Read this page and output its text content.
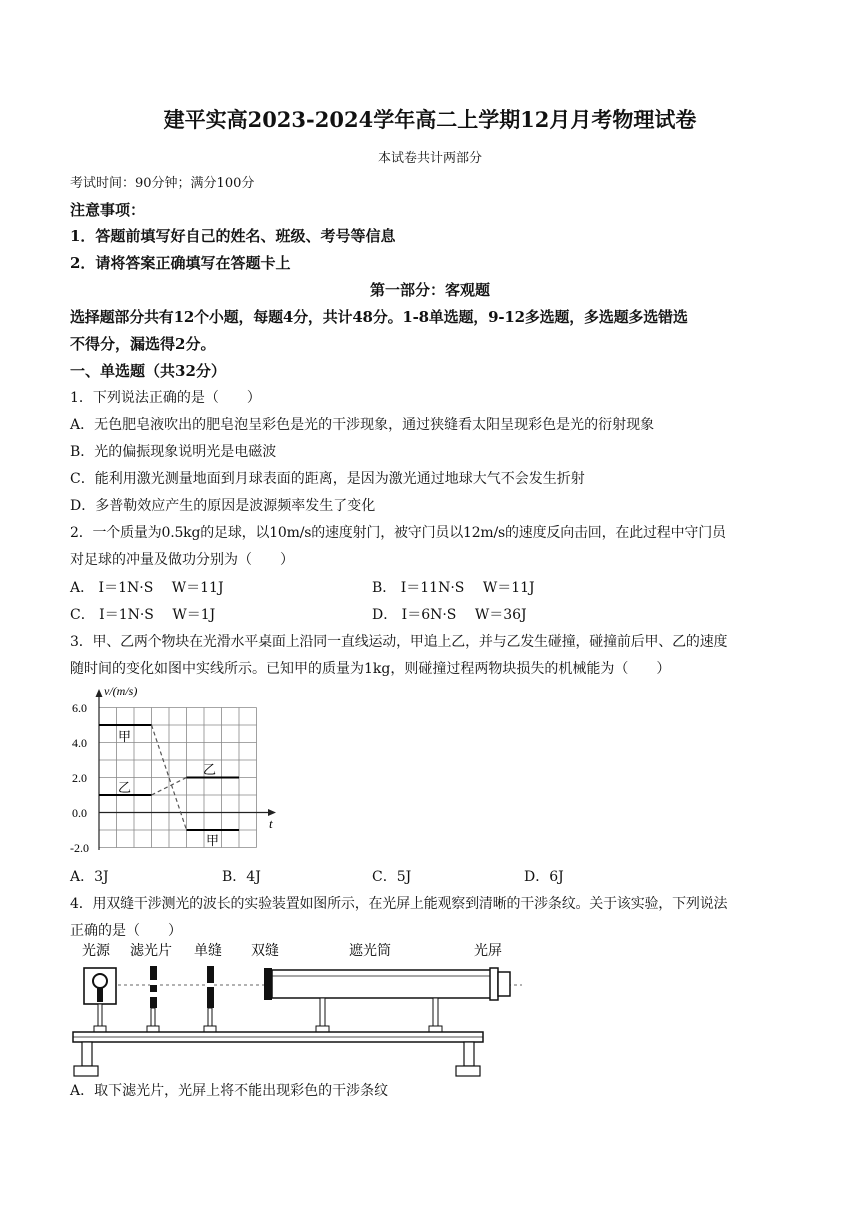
建平实高2023-2024学年高二上学期12月月考物理试卷
本试卷共计两部分
考试时间：90分钟；满分100分
注意事项：
1．答题前填写好自己的姓名、班级、考号等信息
2．请将答案正确填写在答题卡上
第一部分：客观题
选择题部分共有12个小题，每题4分，共计48分。1-8单选题，9-12多选题，多选题多选错选
不得分，漏选得2分。
一、单选题（共32分）
1．下列说法正确的是（　　）
A．无色肥皂液吹出的肥皂泡呈彩色是光的干涉现象，通过狭缝看太阳呈现彩色是光的衍射现象
B．光的偏振现象说明光是电磁波
C．能利用激光测量地面到月球表面的距离，是因为激光通过地球大气不会发生折射
D．多普勒效应产生的原因是波源频率发生了变化
2．一个质量为0.5kg的足球，以10m/s的速度射门，被守门员以12m/s的速度反向击回，在此过程中守门员
对足球的冲量及做功分别为（　　）
A． I＝1N·S　 W＝11J	B． I＝11N·S　 W＝11J
C． I＝1N·S　 W＝1J	D． I＝6N·S　 W＝36J
3．甲、乙两个物块在光滑水平桌面上沿同一直线运动，甲追上乙，并与乙发生碰撞，碰撞前后甲、乙的速度
随时间的变化如图中实线所示。已知甲的质量为1kg，则碰撞过程两物块损失的机械能为（　　）
v/(m/s)
t
6.0
4.0
2.0
0.0
-2.0
甲
乙
乙
甲
A．3J	B．4J	C．5J	D．6J
4．用双缝干涉测光的波长的实验装置如图所示，在光屏上能观察到清晰的干涉条纹。关于该实验，下列说法
正确的是（　　）
光源 滤光片 单缝 双缝	遮光筒	光屏
A．取下滤光片，光屏上将不能出现彩色的干涉条纹
